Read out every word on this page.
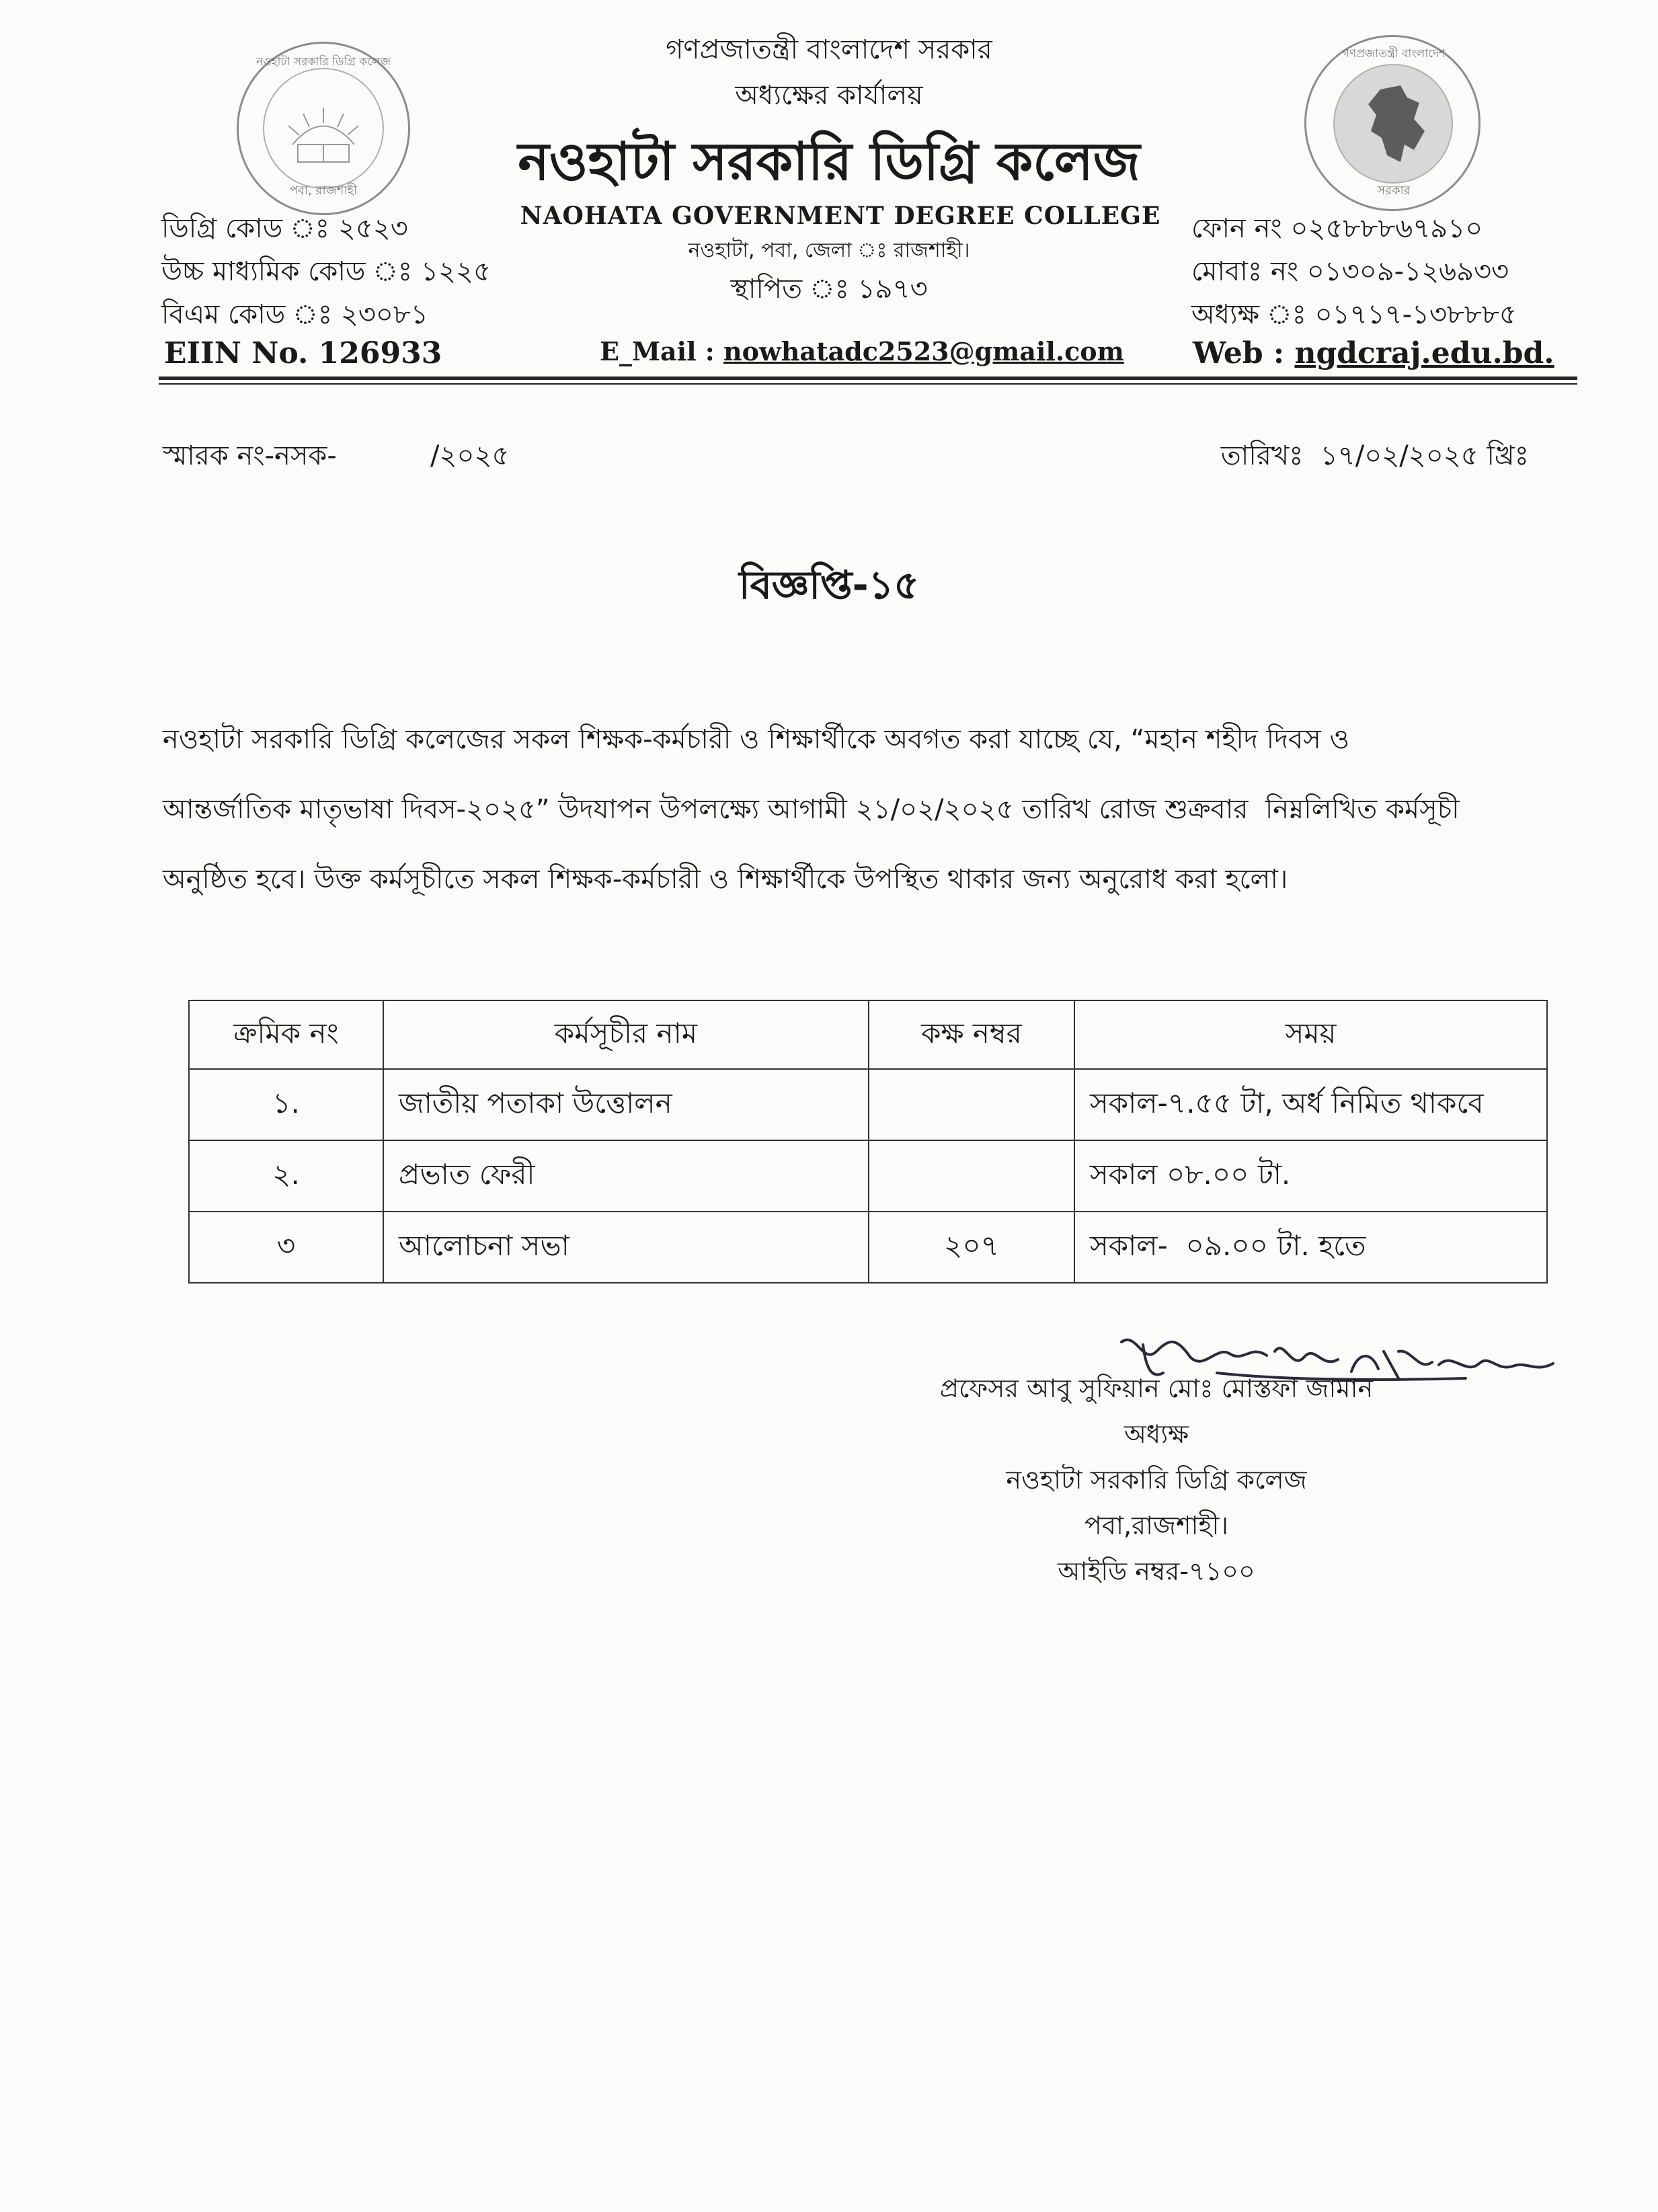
নওহাটা সরকারি ডিগ্রি কলেজ
পবা, রাজশাহী
গণপ্রজাতন্ত্রী বাংলাদেশ
সরকার
গণপ্রজাতন্ত্রী বাংলাদেশ সরকার
অধ্যক্ষের কার্যালয়
নওহাটা সরকারি ডিগ্রি কলেজ
NAOHATA GOVERNMENT DEGREE COLLEGE
নওহাটা, পবা, জেলা ঃ রাজশাহী।
স্থাপিত ঃ ১৯৭৩
ডিগ্রি কোড ঃ ২৫২৩
উচ্চ মাধ্যমিক কোড ঃ ১২২৫
বিএম কোড ঃ ২৩০৮১
EIIN No. 126933
ফোন নং ০২৫৮৮৮৬৭৯১০
মোবাঃ নং ০১৩০৯-১২৬৯৩৩
অধ্যক্ষ ঃ ০১৭১৭-১৩৮৮৮৫
Web : ngdcraj.edu.bd.
E_Mail : nowhatadc2523@gmail.com
স্মারক নং-নসক-	/২০২৫	তারিখঃ  ১৭/০২/২০২৫ খ্রিঃ
বিজ্ঞপ্তি-১৫
নওহাটা সরকারি ডিগ্রি কলেজের সকল শিক্ষক-কর্মচারী ও শিক্ষার্থীকে অবগত করা যাচ্ছে যে, “মহান শহীদ দিবস ও
আন্তর্জাতিক মাতৃভাষা দিবস-২০২৫” উদযাপন উপলক্ষ্যে আগামী ২১/০২/২০২৫ তারিখ রোজ শুক্রবার  নিম্নলিখিত কর্মসূচী
অনুষ্ঠিত হবে। উক্ত কর্মসূচীতে সকল শিক্ষক-কর্মচারী ও শিক্ষার্থীকে উপস্থিত থাকার জন্য অনুরোধ করা হলো।
ক্রমিক নং	কর্মসূচীর নাম	কক্ষ নম্বর	সময়
১.	জাতীয় পতাকা উত্তোলন		সকাল-৭.৫৫ টা, অর্ধ নিমিত থাকবে
২.	প্রভাত ফেরী		সকাল ০৮.০০ টা.
৩	আলোচনা সভা	২০৭	সকাল-  ০৯.০০ টা. হতে
প্রফেসর আবু সুফিয়ান মোঃ মোস্তফা জামান
অধ্যক্ষ
নওহাটা সরকারি ডিগ্রি কলেজ
পবা,রাজশাহী।
আইডি নম্বর-৭১০০
